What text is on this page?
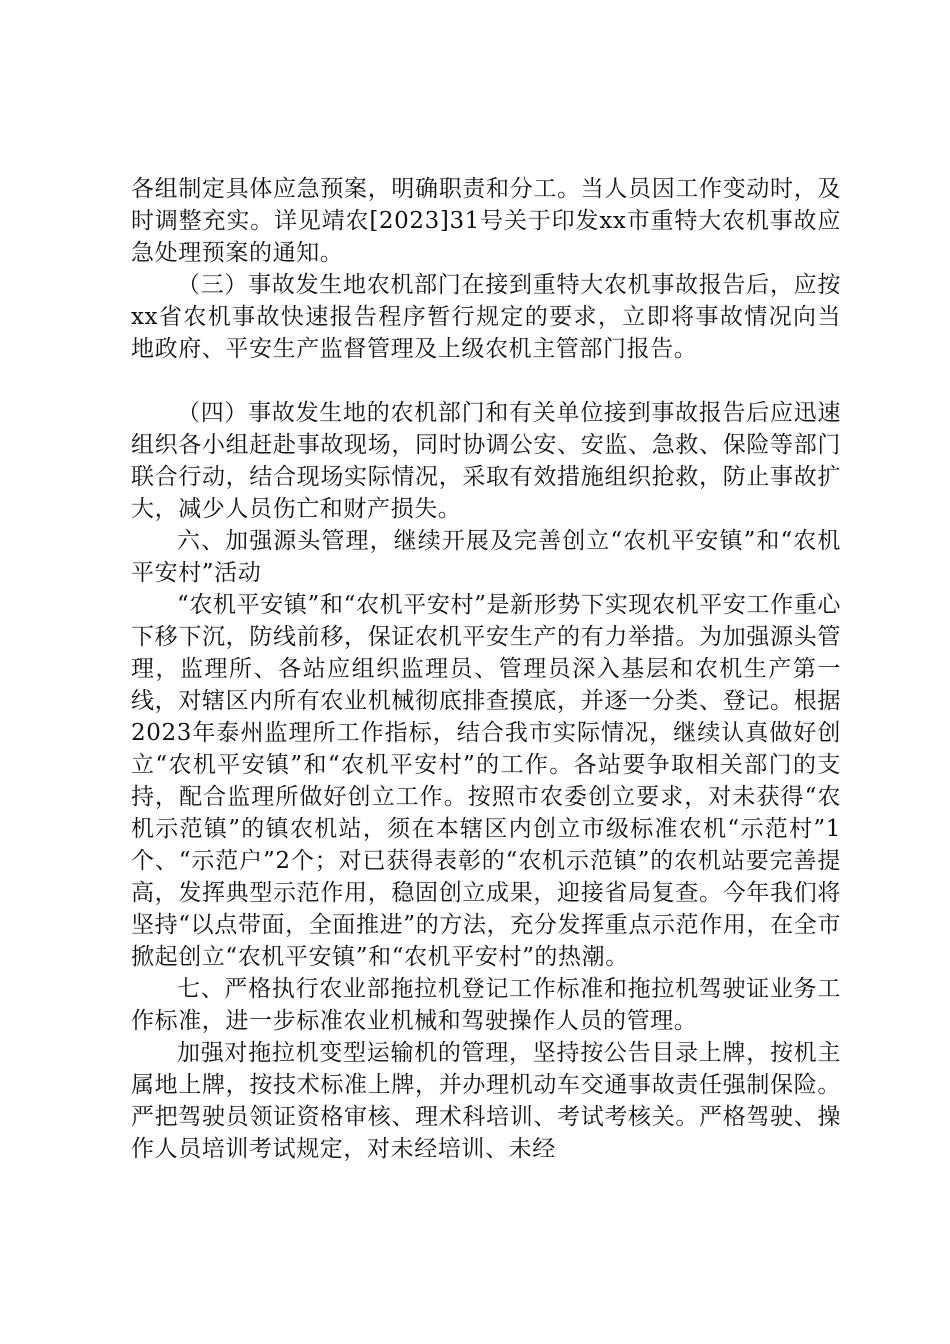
各组制定具体应急预案，明确职责和分工。当人员因工作变动时，及时调整充实。详见靖农[2023]31号关于印发xx市重特大农机事故应急处理预案的通知。

（三）事故发生地农机部门在接到重特大农机事故报告后，应按xx省农机事故快速报告程序暂行规定的要求，立即将事故情况向当地政府、平安生产监督管理及上级农机主管部门报告。

（四）事故发生地的农机部门和有关单位接到事故报告后应迅速组织各小组赶赴事故现场，同时协调公安、安监、急救、保险等部门联合行动，结合现场实际情况，采取有效措施组织抢救，防止事故扩大，减少人员伤亡和财产损失。

六、加强源头管理，继续开展及完善创立“农机平安镇”和“农机平安村”活动

“农机平安镇”和“农机平安村”是新形势下实现农机平安工作重心下移下沉，防线前移，保证农机平安生产的有力举措。为加强源头管理，监理所、各站应组织监理员、管理员深入基层和农机生产第一线，对辖区内所有农业机械彻底排查摸底，并逐一分类、登记。根据2023年泰州监理所工作指标，结合我市实际情况，继续认真做好创立“农机平安镇”和“农机平安村”的工作。各站要争取相关部门的支持，配合监理所做好创立工作。按照市农委创立要求，对未获得“农机示范镇”的镇农机站，须在本辖区内创立市级标准农机“示范村”1个、“示范户”2个；对已获得表彰的“农机示范镇”的农机站要完善提高，发挥典型示范作用，稳固创立成果，迎接省局复查。今年我们将坚持“以点带面，全面推进”的方法，充分发挥重点示范作用，在全市掀起创立“农机平安镇”和“农机平安村”的热潮。

七、严格执行农业部拖拉机登记工作标准和拖拉机驾驶证业务工作标准，进一步标准农业机械和驾驶操作人员的管理。

加强对拖拉机变型运输机的管理，坚持按公告目录上牌，按机主属地上牌，按技术标准上牌，并办理机动车交通事故责任强制保险。严把驾驶员领证资格审核、理术科培训、考试考核关。严格驾驶、操作人员培训考试规定，对未经培训、未经
